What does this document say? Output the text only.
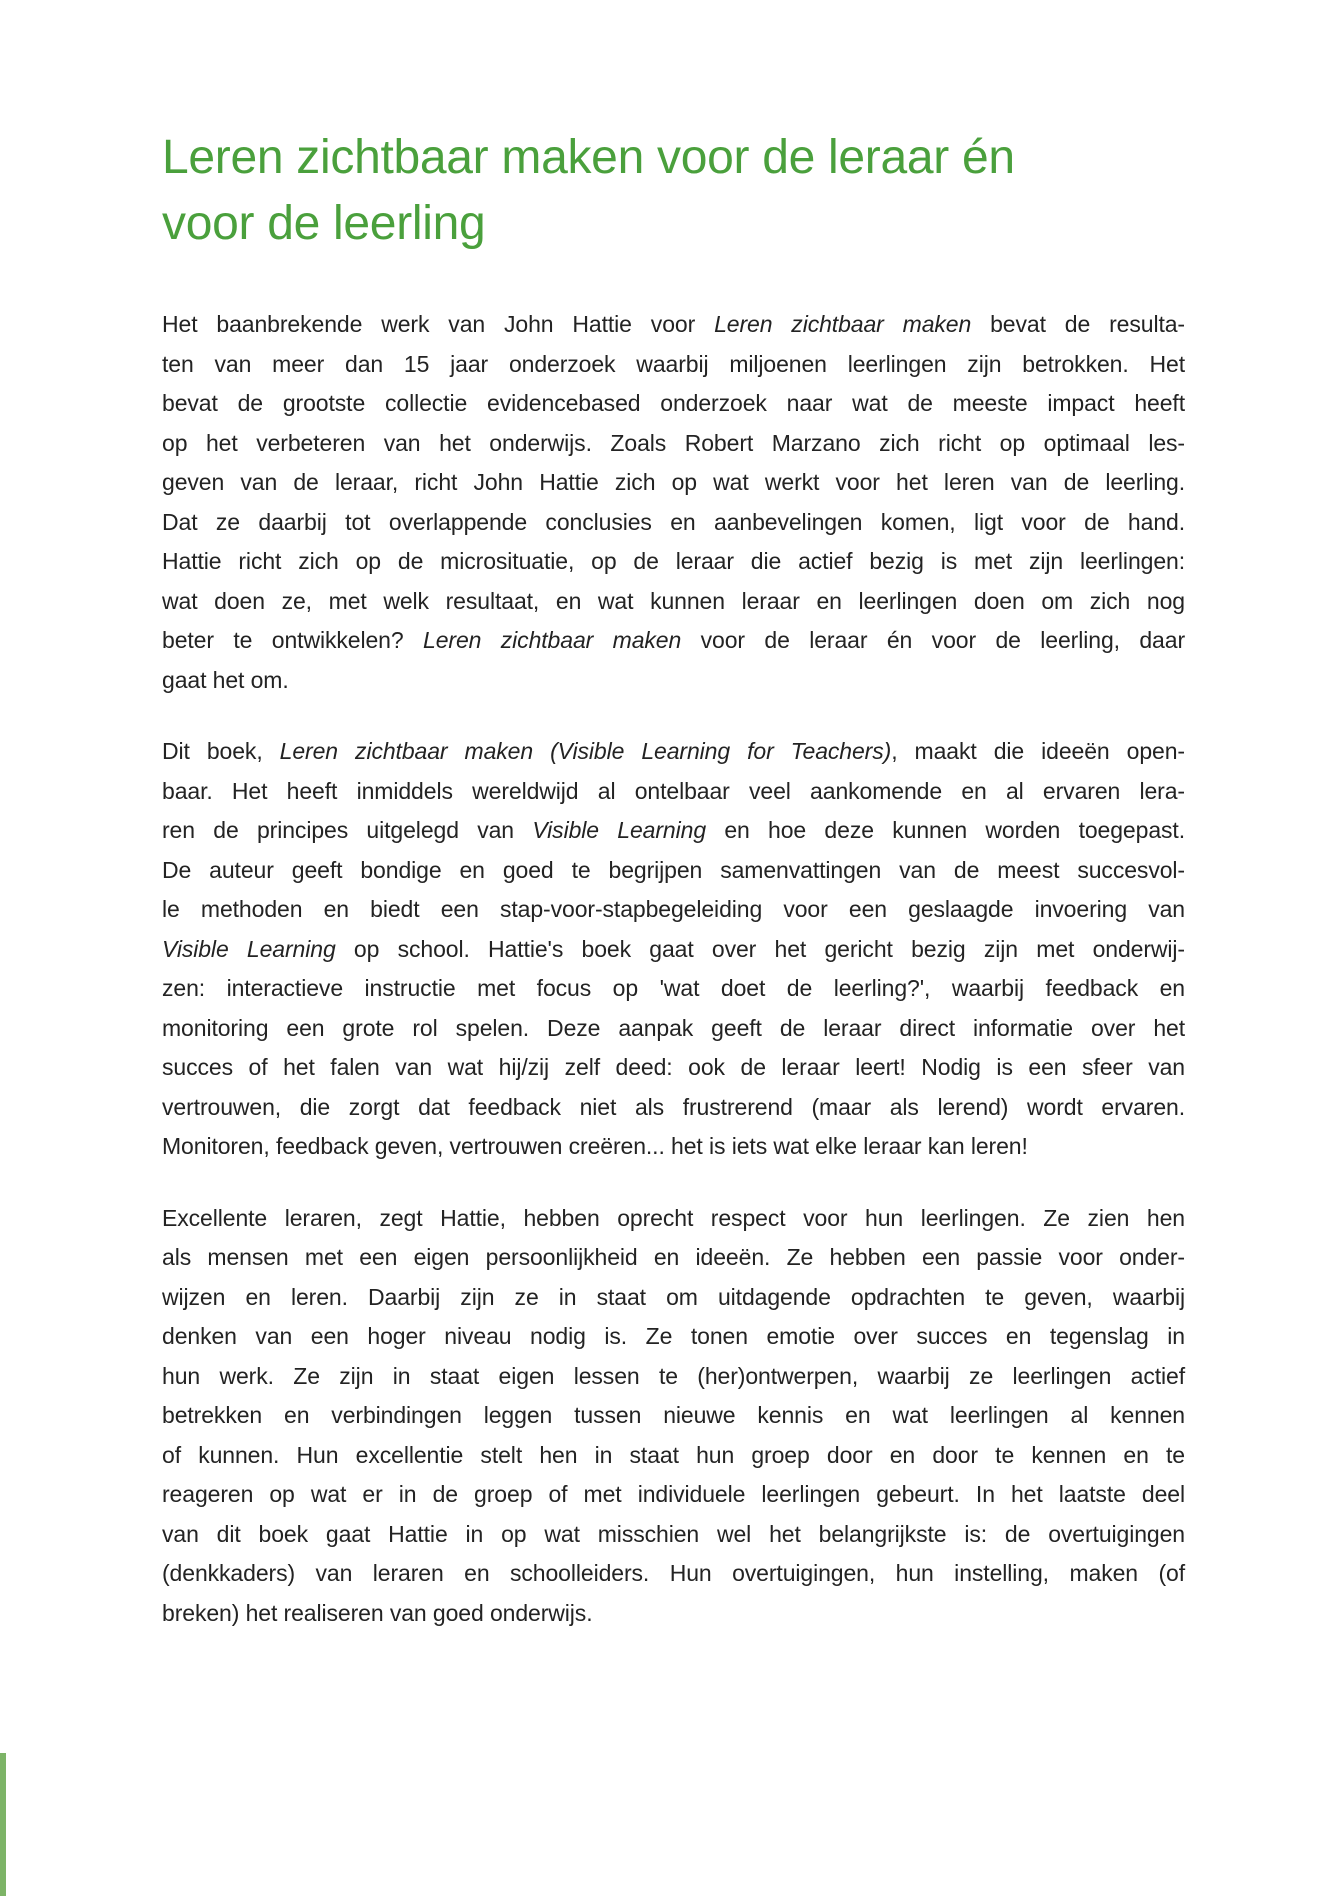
Leren zichtbaar maken voor de leraar én
voor de leerling
Het baanbrekende werk van John Hattie voor Leren zichtbaar maken bevat de resulta-
ten van meer dan 15 jaar onderzoek waarbij miljoenen leerlingen zijn betrokken. Het
bevat de grootste collectie evidencebased onderzoek naar wat de meeste impact heeft
op het verbeteren van het onderwijs. Zoals Robert Marzano zich richt op optimaal les-
geven van de leraar, richt John Hattie zich op wat werkt voor het leren van de leerling.
Dat ze daarbij tot overlappende conclusies en aanbevelingen komen, ligt voor de hand.
Hattie richt zich op de microsituatie, op de leraar die actief bezig is met zijn leerlingen:
wat doen ze, met welk resultaat, en wat kunnen leraar en leerlingen doen om zich nog
beter te ontwikkelen? Leren zichtbaar maken voor de leraar én voor de leerling, daar
gaat het om.
Dit boek, Leren zichtbaar maken (Visible Learning for Teachers), maakt die ideeën open-
baar. Het heeft inmiddels wereldwijd al ontelbaar veel aankomende en al ervaren lera-
ren de principes uitgelegd van Visible Learning en hoe deze kunnen worden toegepast.
De auteur geeft bondige en goed te begrijpen samenvattingen van de meest succesvol-
le methoden en biedt een stap-voor-stapbegeleiding voor een geslaagde invoering van
Visible Learning op school. Hattie's boek gaat over het gericht bezig zijn met onderwij-
zen: interactieve instructie met focus op 'wat doet de leerling?', waarbij feedback en
monitoring een grote rol spelen. Deze aanpak geeft de leraar direct informatie over het
succes of het falen van wat hij/zij zelf deed: ook de leraar leert! Nodig is een sfeer van
vertrouwen, die zorgt dat feedback niet als frustrerend (maar als lerend) wordt ervaren.
Monitoren, feedback geven, vertrouwen creëren... het is iets wat elke leraar kan leren!
Excellente leraren, zegt Hattie, hebben oprecht respect voor hun leerlingen. Ze zien hen
als mensen met een eigen persoonlijkheid en ideeën. Ze hebben een passie voor onder-
wijzen en leren. Daarbij zijn ze in staat om uitdagende opdrachten te geven, waarbij
denken van een hoger niveau nodig is. Ze tonen emotie over succes en tegenslag in
hun werk. Ze zijn in staat eigen lessen te (her)ontwerpen, waarbij ze leerlingen actief
betrekken en verbindingen leggen tussen nieuwe kennis en wat leerlingen al kennen
of kunnen. Hun excellentie stelt hen in staat hun groep door en door te kennen en te
reageren op wat er in de groep of met individuele leerlingen gebeurt. In het laatste deel
van dit boek gaat Hattie in op wat misschien wel het belangrijkste is: de overtuigingen
(denkkaders) van leraren en schoolleiders. Hun overtuigingen, hun instelling, maken (of
breken) het realiseren van goed onderwijs.
